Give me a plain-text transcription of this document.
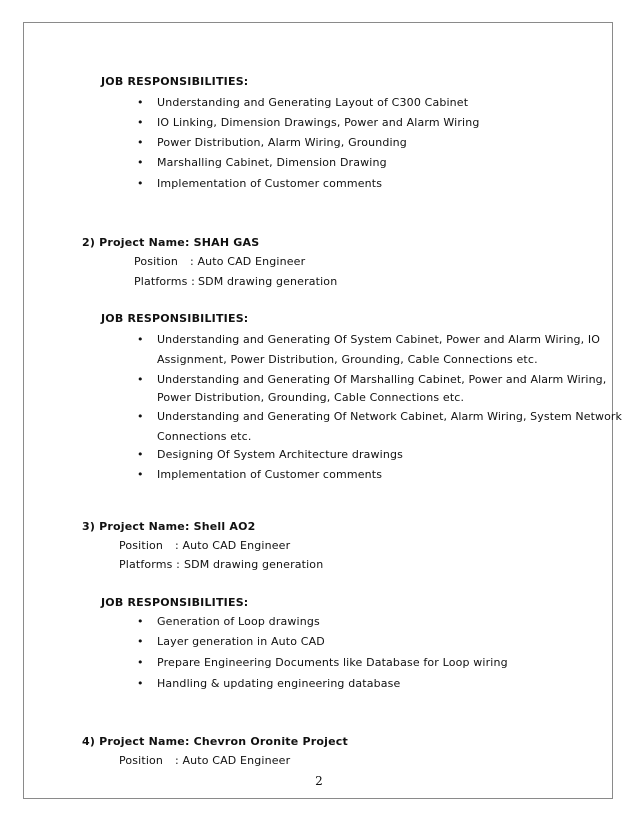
JOB RESPONSIBILITIES:
• Understanding and Generating Layout of C300 Cabinet
• IO Linking, Dimension Drawings, Power and Alarm Wiring
• Power Distribution, Alarm Wiring, Grounding
• Marshalling Cabinet, Dimension Drawing
• Implementation of Customer comments
2) Project Name: SHAH GAS
Position : Auto CAD Engineer
Platforms : SDM drawing generation
JOB RESPONSIBILITIES:
• Understanding and Generating Of System Cabinet, Power and Alarm Wiring, IO
Assignment, Power Distribution, Grounding, Cable Connections etc.
• Understanding and Generating Of Marshalling Cabinet, Power and Alarm Wiring,
Power Distribution, Grounding, Cable Connections etc.
• Understanding and Generating Of Network Cabinet, Alarm Wiring, System Network
Connections etc.
• Designing Of System Architecture drawings
• Implementation of Customer comments
3) Project Name: Shell AO2
Position : Auto CAD Engineer
Platforms : SDM drawing generation
JOB RESPONSIBILITIES:
• Generation of Loop drawings
• Layer generation in Auto CAD
• Prepare Engineering Documents like Database for Loop wiring
• Handling & updating engineering database
4) Project Name: Chevron Oronite Project
Position : Auto CAD Engineer
2
